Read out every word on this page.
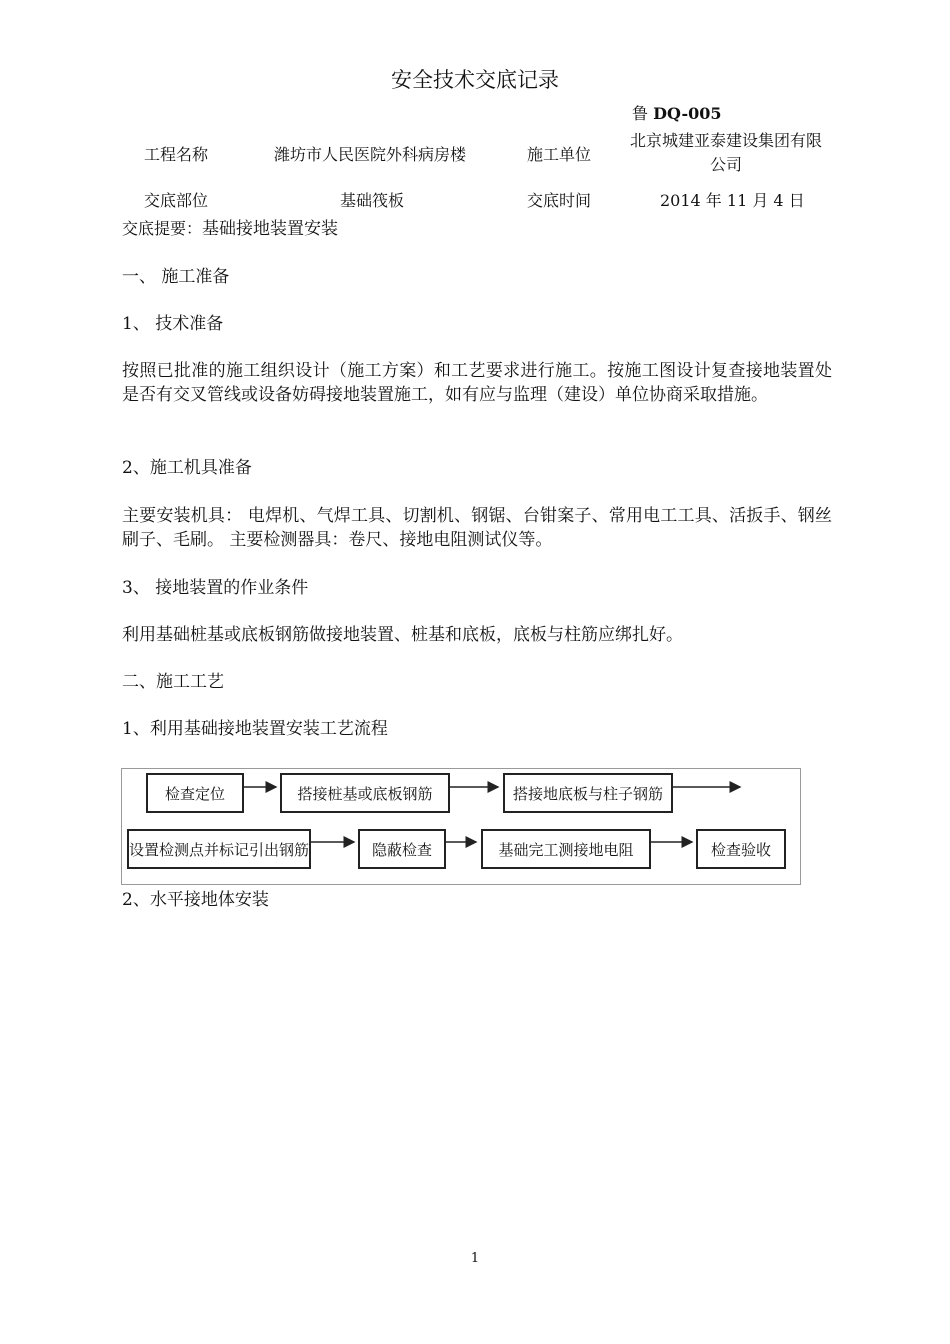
安全技术交底记录
鲁 DQ-005
工程名称	潍坊市人民医院外科病房楼	施工单位
北京城建亚泰建设集团有限
公司
交底部位	基础筏板	交底时间	2014 年 11 月 4 日
交底提要：基础接地装置安装
一、 施工准备
1、 技术准备
按照已批准的施工组织设计（施工方案）和工艺要求进行施工。按施工图设计复查接地装置处是否有交叉管线或设备妨碍接地装置施工，如有应与监理（建设）单位协商采取措施。
2、施工机具准备
主要安装机具： 电焊机、气焊工具、切割机、钢锯、台钳案子、常用电工工具、活扳手、钢丝刷子、毛刷。 主要检测器具：卷尺、接地电阻测试仪等。
3、 接地装置的作业条件
利用基础桩基或底板钢筋做接地装置、桩基和底板，底板与柱筋应绑扎好。
二、施工工艺
1、利用基础接地装置安装工艺流程
检查定位	搭接桩基或底板钢筋	搭接地底板与柱子钢筋
设置检测点并标记引出钢筋	隐蔽检查	基础完工测接地电阻	检查验收
2、水平接地体安装
1
